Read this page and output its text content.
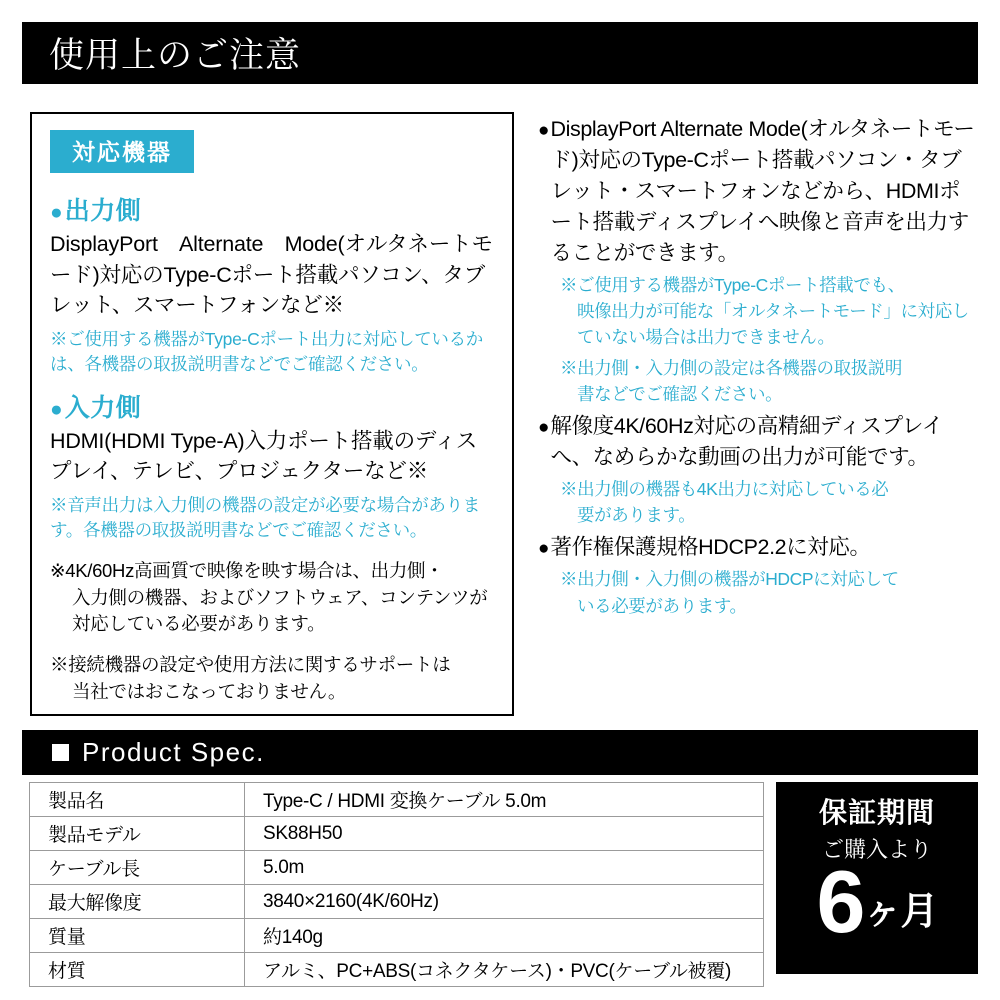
使用上のご注意
対応機器
● 出力側
DisplayPort　Alternate　Mode(オルタネートモード)対応のType-Cポート搭載パソコン、タブレット、スマートフォンなど※
※ご使用する機器がType-Cポート出力に対応しているかは、各機器の取扱説明書などでご確認ください。
● 入力側
HDMI(HDMI Type-A)入力ポート搭載のディスプレイ、テレビ、プロジェクターなど※
※音声出力は入力側の機器の設定が必要な場合があります。各機器の取扱説明書などでご確認ください。
※4K/60Hz高画質で映像を映す場合は、出力側・
入力側の機器、およびソフトウェア、コンテンツが
対応している必要があります。
※接続機器の設定や使用方法に関するサポートは
当社ではおこなっておりません。
● DisplayPort Alternate Mode(オルタネートモード)対応のType-Cポート搭載パソコン・タブレット・スマートフォンなどから、HDMIポート搭載ディスプレイへ映像と音声を出力することができます。
※ご使用する機器がType-Cポート搭載でも、
映像出力が可能な「オルタネートモード」に対応していない場合は出力できません。
※出力側・入力側の設定は各機器の取扱説明
書などでご確認ください。
● 解像度4K/60Hz対応の高精細ディスプレイへ、なめらかな動画の出力が可能です。
※出力側の機器も4K出力に対応している必
要があります。
● 著作権保護規格HDCP2.2に対応。
※出力側・入力側の機器がHDCPに対応して
いる必要があります。
Product Spec.
製品名	Type-C / HDMI 変換ケーブル 5.0m
製品モデル	SK88H50
ケーブル長	5.0m
最大解像度	3840×2160(4K/60Hz)
質量	約140g
材質	アルミ、PC+ABS(コネクタケース)・PVC(ケーブル被覆)
保証期間
ご購入より
6 ヶ月
